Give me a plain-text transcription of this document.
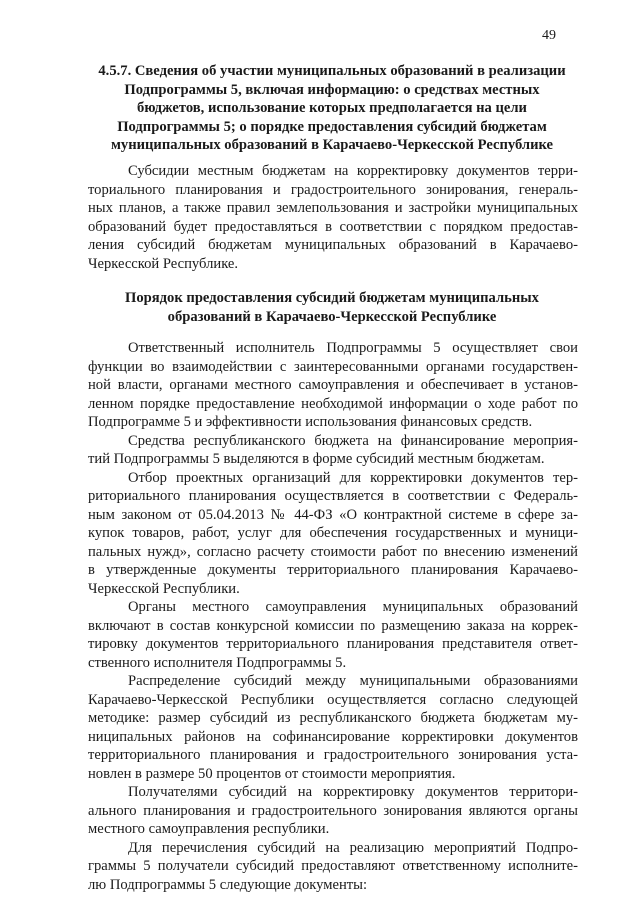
49

4.5.7. Сведения об участии муниципальных образований в реализации

Подпрограммы 5, включая информацию: о средствах местных

бюджетов, использование которых предполагается на цели

Подпрограммы 5; о порядке предоставления субсидий бюджетам

муниципальных образований в Карачаево-Черкесской Республике

Субсидии местным бюджетам на корректировку документов терри-
ториального планирования и градостроительного зонирования, генераль-
ных планов, а также правил землепользования и застройки муниципальных
образований будет предоставляться в соответствии с порядком предостав-
ления субсидий бюджетам муниципальных образований в Карачаево-
Черкесской Республике.

Порядок предоставления субсидий бюджетам муниципальных

образований в Карачаево-Черкесской Республике

Ответственный исполнитель Подпрограммы 5 осуществляет свои
функции во взаимодействии с заинтересованными органами государствен-
ной власти, органами местного самоуправления и обеспечивает в установ-
ленном порядке предоставление необходимой информации о ходе работ по
Подпрограмме 5 и эффективности использования финансовых средств.
Средства республиканского бюджета на финансирование мероприя-
тий Подпрограммы 5 выделяются в форме субсидий местным бюджетам.
Отбор проектных организаций для корректировки документов тер-
риториального планирования осуществляется в соответствии с Федераль-
ным законом от 05.04.2013 № 44-ФЗ «О контрактной системе в сфере за-
купок товаров, работ, услуг для обеспечения государственных и муници-
пальных нужд», согласно расчету стоимости работ по внесению изменений
в утвержденные документы территориального планирования Карачаево-
Черкесской Республики.
Органы местного самоуправления муниципальных образований
включают в состав конкурсной комиссии по размещению заказа на коррек-
тировку документов территориального планирования представителя ответ-
ственного исполнителя Подпрограммы 5.
Распределение субсидий между муниципальными образованиями
Карачаево-Черкесской Республики осуществляется согласно следующей
методике: размер субсидий из республиканского бюджета бюджетам му-
ниципальных районов на софинансирование корректировки документов
территориального планирования и градостроительного зонирования уста-
новлен в размере 50 процентов от стоимости мероприятия.
Получателями субсидий на корректировку документов территори-
ального планирования и градостроительного зонирования являются органы
местного самоуправления республики.
Для перечисления субсидий на реализацию мероприятий Подпро-
граммы 5 получатели субсидий предоставляют ответственному исполните-
лю Подпрограммы 5 следующие документы:
